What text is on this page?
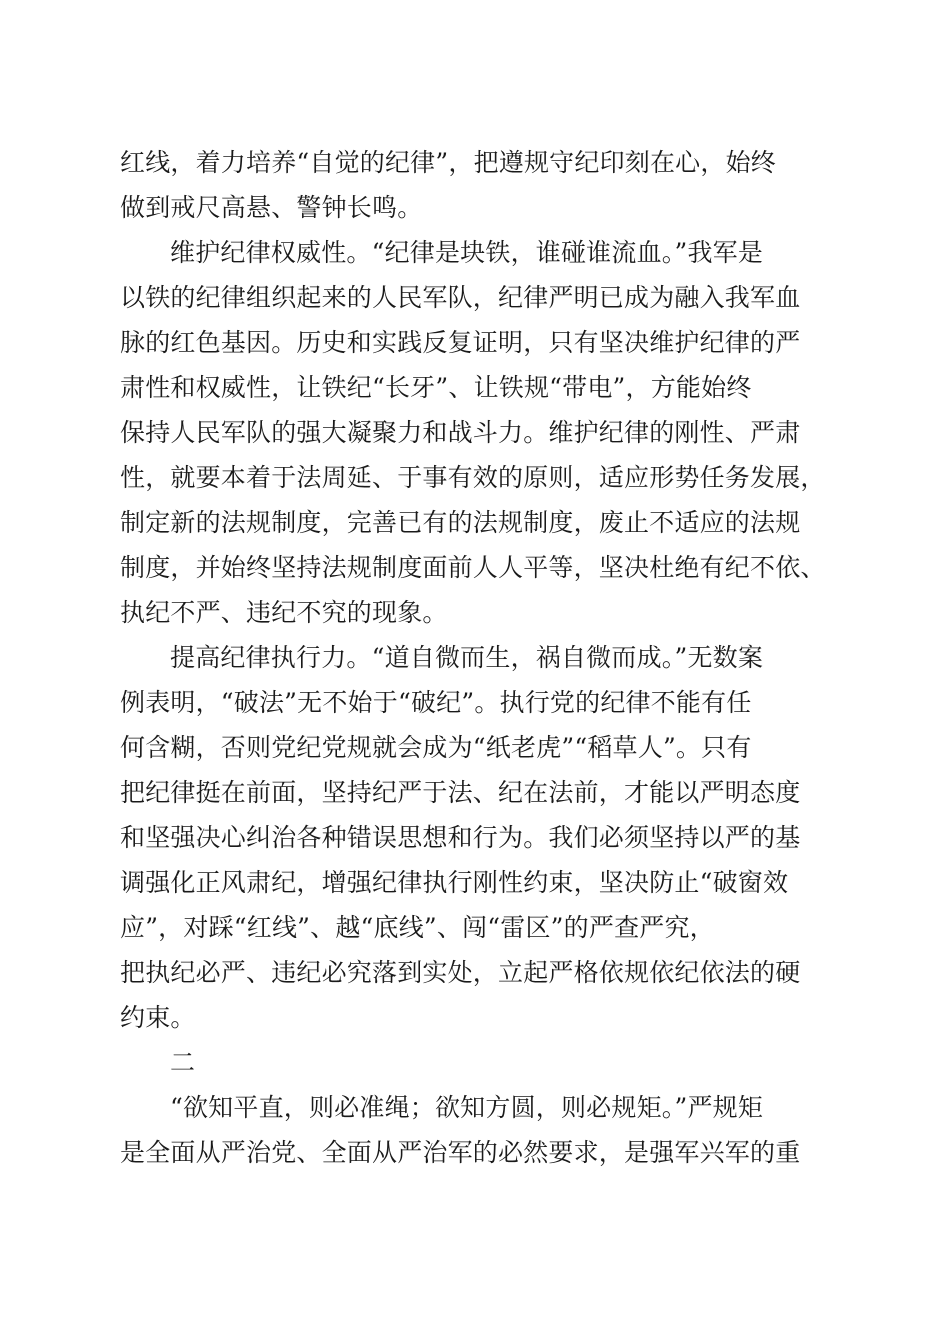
红线，着力培养“自觉的纪律”，把遵规守纪印刻在心，始终
做到戒尺高悬、警钟长鸣。
维护纪律权威性。“纪律是块铁，谁碰谁流血。”我军是
以铁的纪律组织起来的人民军队，纪律严明已成为融入我军血
脉的红色基因。历史和实践反复证明，只有坚决维护纪律的严
肃性和权威性，让铁纪“长牙”、让铁规“带电”，方能始终
保持人民军队的强大凝聚力和战斗力。维护纪律的刚性、严肃
性，就要本着于法周延、于事有效的原则，适应形势任务发展，
制定新的法规制度，完善已有的法规制度，废止不适应的法规
制度，并始终坚持法规制度面前人人平等，坚决杜绝有纪不依、
执纪不严、违纪不究的现象。
提高纪律执行力。“道自微而生，祸自微而成。”无数案
例表明，“破法”无不始于“破纪”。执行党的纪律不能有任
何含糊，否则党纪党规就会成为“纸老虎”“稻草人”。只有
把纪律挺在前面，坚持纪严于法、纪在法前，才能以严明态度
和坚强决心纠治各种错误思想和行为。我们必须坚持以严的基
调强化正风肃纪，增强纪律执行刚性约束，坚决防止“破窗效
应”，对踩“红线”、越“底线”、闯“雷区”的严查严究，
把执纪必严、违纪必究落到实处，立起严格依规依纪依法的硬
约束。
二
“欲知平直，则必准绳；欲知方圆，则必规矩。”严规矩
是全面从严治党、全面从严治军的必然要求，是强军兴军的重
